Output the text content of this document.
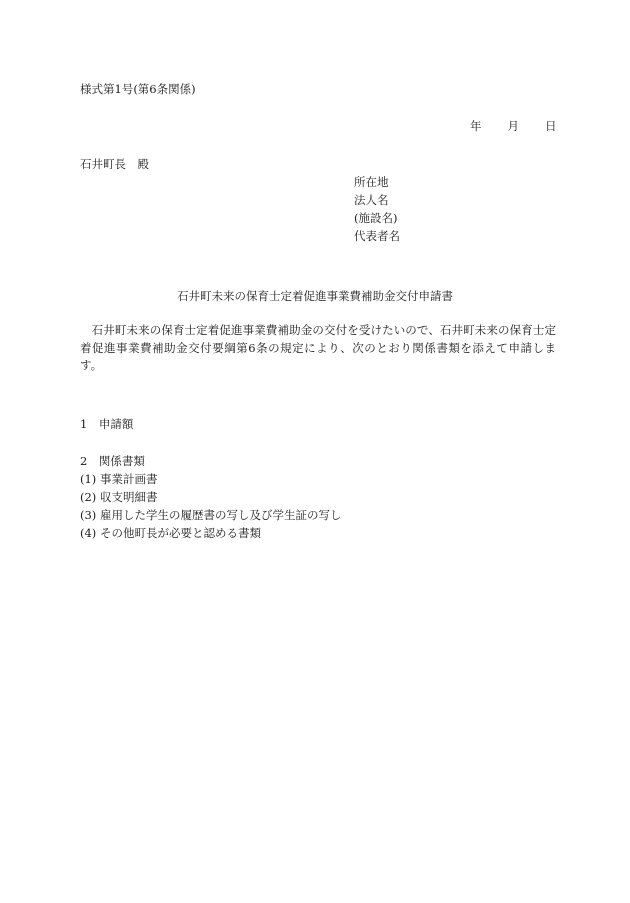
様式第1号(第6条関係)
年 月 日
石井町長　殿
所在地
法人名
(施設名)
代表者名
石井町未来の保育士定着促進事業費補助金交付申請書
　石井町未来の保育士定着促進事業費補助金の交付を受けたいので、石井町未来の保育士定着促進事業費補助金交付要綱第6条の規定により、次のとおり関係書類を添えて申請します。
1　申請額
2　関係書類
(1) 事業計画書
(2) 収支明細書
(3) 雇用した学生の履歴書の写し及び学生証の写し
(4) その他町長が必要と認める書類
